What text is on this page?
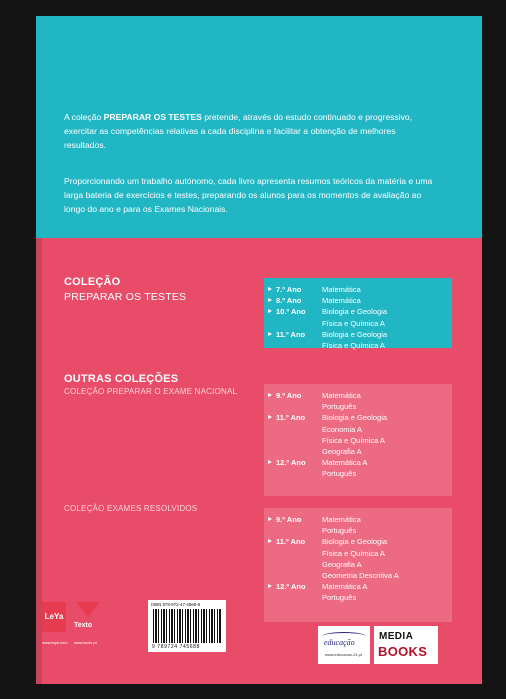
A coleção PREPARAR OS TESTES pretende, através do estudo continuado e progressivo, exercitar as competências relativas a cada disciplina e facilitar a obtenção de melhores resultados.

Proporcionando um trabalho autónomo, cada livro apresenta resumos teóricos da matéria e uma larga bateria de exercícios e testes, preparando os alunos para os momentos de avaliação ao longo do ano e para os Exames Nacionais.

COLEÇÃO
PREPARAR OS TESTES
7.º Ano	Matemática
8.º Ano	Matemática
10.º Ano	Biologia e Geologia
	Física e Química A
11.º Ano	Biologia e Geologia
	Física e Química A
OUTRAS COLEÇÕES
COLEÇÃO PREPARAR O EXAME NACIONAL	9.º Ano	Matemática
	Português
11.º Ano	Biologia e Geologia
	Economia A
	Física e Química A
	Geografia A
12.º Ano	Matemática A
	Português
COLEÇÃO EXAMES RESOLVIDOS
9.º Ano	Matemática
	Português
11.º Ano	Biologia e Geologia
	Física e Química A
	Geografia A
	Geometria Descritiva A
12.º Ano	Matemática A
	Português
LeYa
Texto
www.leya.com www.texto.pt
ISBN 978-972-47-4568-8
9 789724 745688	educação
www.educacao.24.pt
MEDIA
BOOKS
